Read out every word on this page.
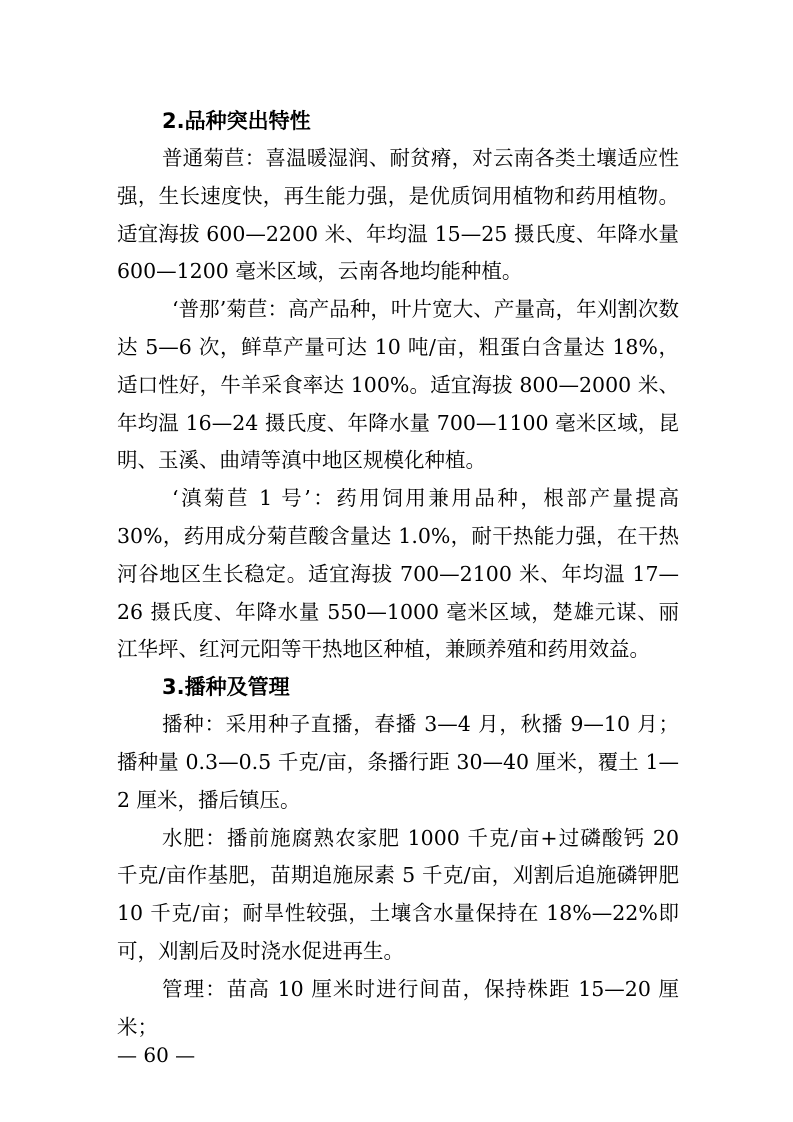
2.品种突出特性

普通菊苣：喜温暖湿润、耐贫瘠，对云南各类土壤适应性强，生长速度快，再生能力强，是优质饲用植物和药用植物。适宜海拔 600—2200 米、年均温 15—25 摄氏度、年降水量 600—1200 毫米区域，云南各地均能种植。

‘普那’菊苣：高产品种，叶片宽大、产量高，年刈割次数达 5—6 次，鲜草产量可达 10 吨/亩，粗蛋白含量达 18%，适口性好，牛羊采食率达 100%。适宜海拔 800—2000 米、年均温 16—24 摄氏度、年降水量 700—1100 毫米区域，昆明、玉溪、曲靖等滇中地区规模化种植。

‘滇菊苣 1 号’：药用饲用兼用品种，根部产量提高 30%，药用成分菊苣酸含量达 1.0%，耐干热能力强，在干热河谷地区生长稳定。适宜海拔 700—2100 米、年均温 17—26 摄氏度、年降水量 550—1000 毫米区域，楚雄元谋、丽江华坪、红河元阳等干热地区种植，兼顾养殖和药用效益。

3.播种及管理

播种：采用种子直播，春播 3—4 月，秋播 9—10 月；播种量 0.3—0.5 千克/亩，条播行距 30—40 厘米，覆土 1—2 厘米，播后镇压。

水肥：播前施腐熟农家肥 1000 千克/亩+过磷酸钙 20 千克/亩作基肥，苗期追施尿素 5 千克/亩，刈割后追施磷钾肥 10 千克/亩；耐旱性较强，土壤含水量保持在 18%—22%即可，刈割后及时浇水促进再生。

管理：苗高 10 厘米时进行间苗，保持株距 15—20 厘米；

— 60 —
